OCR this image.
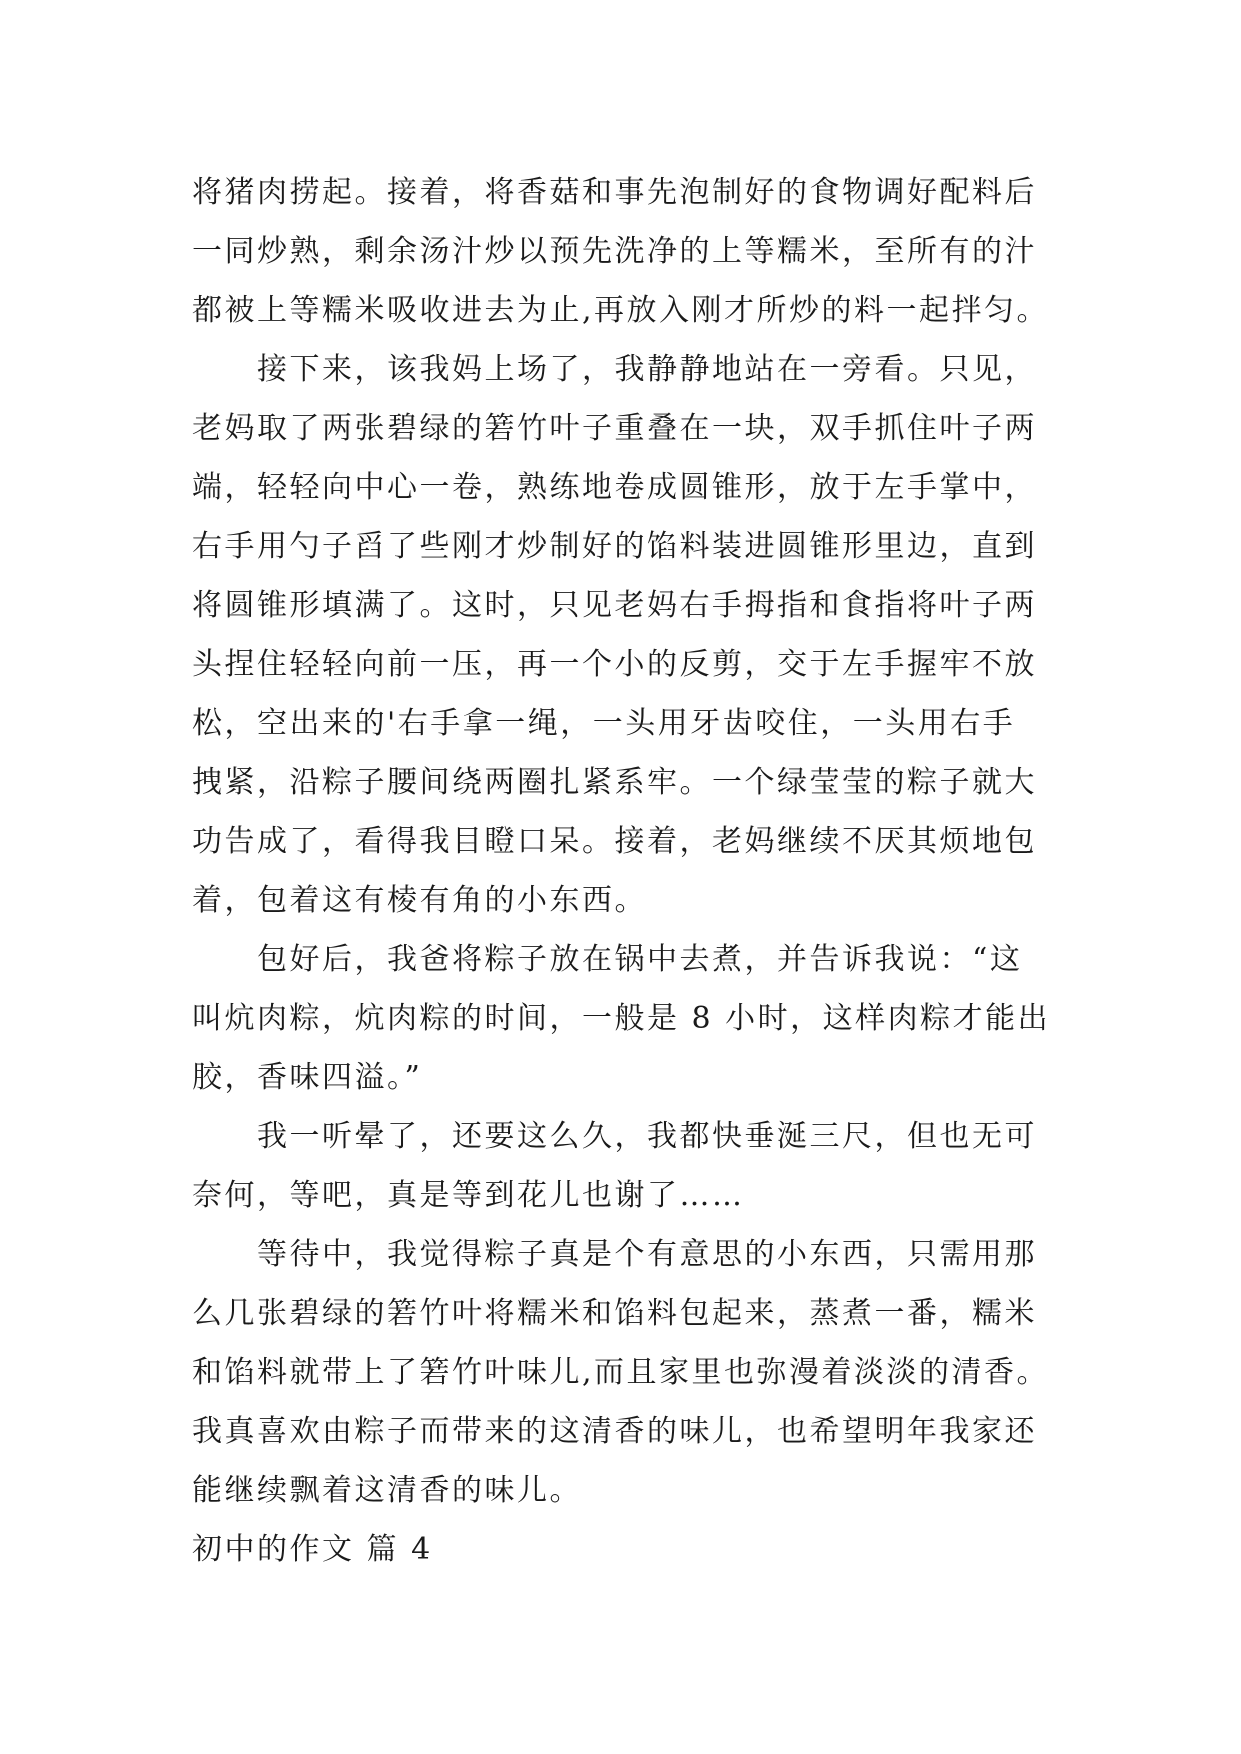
将猪肉捞起。接着，将香菇和事先泡制好的食物调好配料后
一同炒熟，剩余汤汁炒以预先洗净的上等糯米，至所有的汁
都被上等糯米吸收进去为止,再放入刚才所炒的料一起拌匀。
　　接下来，该我妈上场了，我静静地站在一旁看。只见，
老妈取了两张碧绿的箬竹叶子重叠在一块，双手抓住叶子两
端，轻轻向中心一卷，熟练地卷成圆锥形，放于左手掌中，
右手用勺子舀了些刚才炒制好的馅料装进圆锥形里边，直到
将圆锥形填满了。这时，只见老妈右手拇指和食指将叶子两
头捏住轻轻向前一压，再一个小的反剪，交于左手握牢不放
松，空出来的'右手拿一绳，一头用牙齿咬住，一头用右手
拽紧，沿粽子腰间绕两圈扎紧系牢。一个绿莹莹的粽子就大
功告成了，看得我目瞪口呆。接着，老妈继续不厌其烦地包
着，包着这有棱有角的小东西。
　　包好后，我爸将粽子放在锅中去煮，并告诉我说：“这
叫炕肉粽，炕肉粽的时间，一般是 8 小时，这样肉粽才能出
胶，香味四溢。”
　　我一听晕了，还要这么久，我都快垂涎三尺，但也无可
奈何，等吧，真是等到花儿也谢了……
　　等待中，我觉得粽子真是个有意思的小东西，只需用那
么几张碧绿的箬竹叶将糯米和馅料包起来，蒸煮一番，糯米
和馅料就带上了箬竹叶味儿,而且家里也弥漫着淡淡的清香。
我真喜欢由粽子而带来的这清香的味儿，也希望明年我家还
能继续飘着这清香的味儿。
初中的作文 篇 4
